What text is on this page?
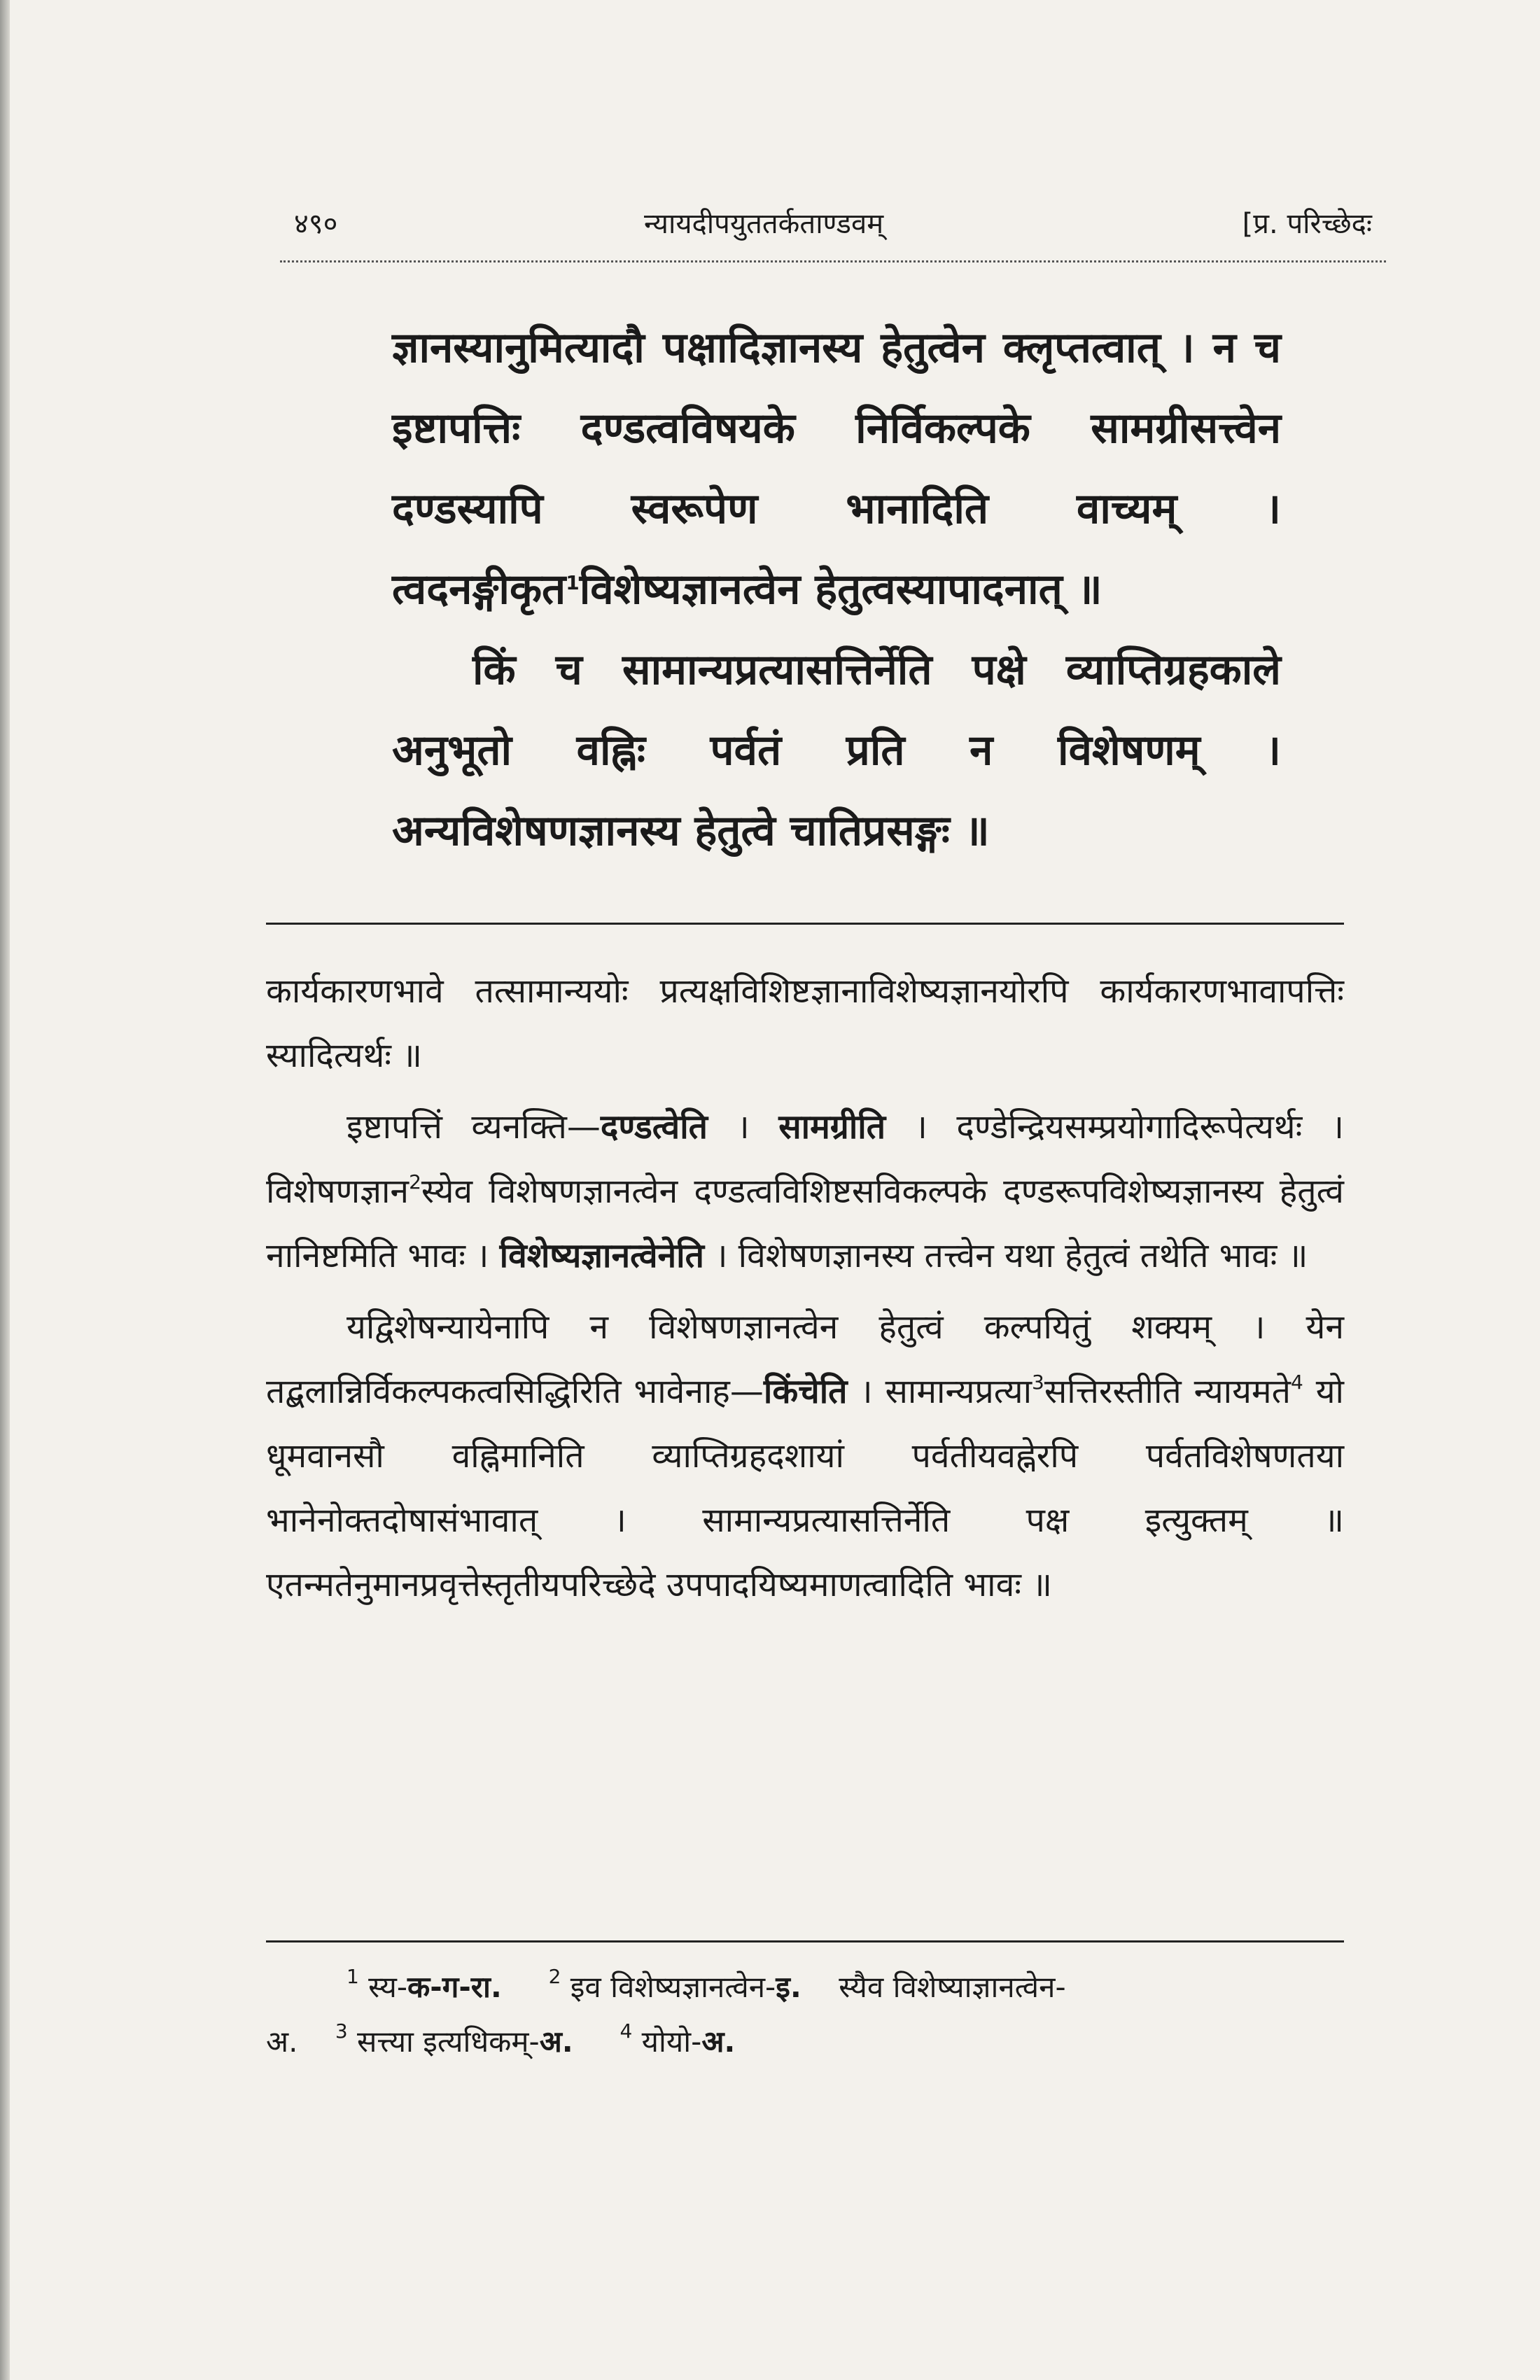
४९०	न्यायदीपयुततर्कताण्डवम्	[प्र. परिच्छेदः

ज्ञानस्यानुमित्यादौ पक्षादिज्ञानस्य हेतुत्वेन क्लृप्तत्वात् । न च इष्टापत्तिः दण्डत्वविषयके निर्विकल्पके सामग्रीसत्त्वेन दण्डस्यापि स्वरूपेण भानादिति वाच्यम् । त्वदनङ्गीकृत$^1$विशेष्यज्ञानत्वेन हेतुत्वस्यापादनात् ॥

किं च सामान्यप्रत्यासत्तिर्नेति पक्षे व्याप्तिग्रहकाले अनुभूतो वह्निः पर्वतं प्रति न विशेषणम् । अन्यविशेषणज्ञानस्य हेतुत्वे चातिप्रसङ्गः ॥

कार्यकारणभावे तत्सामान्ययोः प्रत्यक्षविशिष्टज्ञानाविशेष्यज्ञानयोरपि कार्यकारणभावापत्तिः स्यादित्यर्थः ॥

इष्टापत्तिं व्यनक्ति—दण्डत्वेति । सामग्रीति । दण्डेन्द्रियसम्प्रयोगादिरूपेत्यर्थः । विशेषणज्ञान$^2$स्येव विशेषणज्ञानत्वेन दण्डत्वविशिष्टसविकल्पके दण्डरूपविशेष्यज्ञानस्य हेतुत्वं नानिष्टमिति भावः । विशेष्यज्ञानत्वेनेति । विशेषणज्ञानस्य तत्त्वेन यथा हेतुत्वं तथेति भावः ॥

यद्विशेषन्यायेनापि न विशेषणज्ञानत्वेन हेतुत्वं कल्पयितुं शक्यम् । येन तद्बलान्निर्विकल्पकत्वसिद्धिरिति भावेनाह—किंचेति । सामान्यप्रत्या$^3$सत्तिरस्तीति न्यायमते$^4$ यो धूमवानसौ वह्निमानिति व्याप्तिग्रहदशायां पर्वतीयवह्नेरपि पर्वतविशेषणतया भानेनोक्तदोषासंभावात् । सामान्यप्रत्यासत्तिर्नेति पक्ष इत्युक्तम् ॥ एतन्मतेनुमानप्रवृत्तेस्तृतीयपरिच्छेदे उपपादयिष्यमाणत्वादिति भावः ॥

$^1$ स्य-क-ग-रा. $^2$ इव विशेष्यज्ञानत्वेन-इ.    स्यैव विशेष्याज्ञानत्वेन-
अ. $^3$ सत्त्या इत्यधिकम्-अ. $^4$ योयो-अ.
